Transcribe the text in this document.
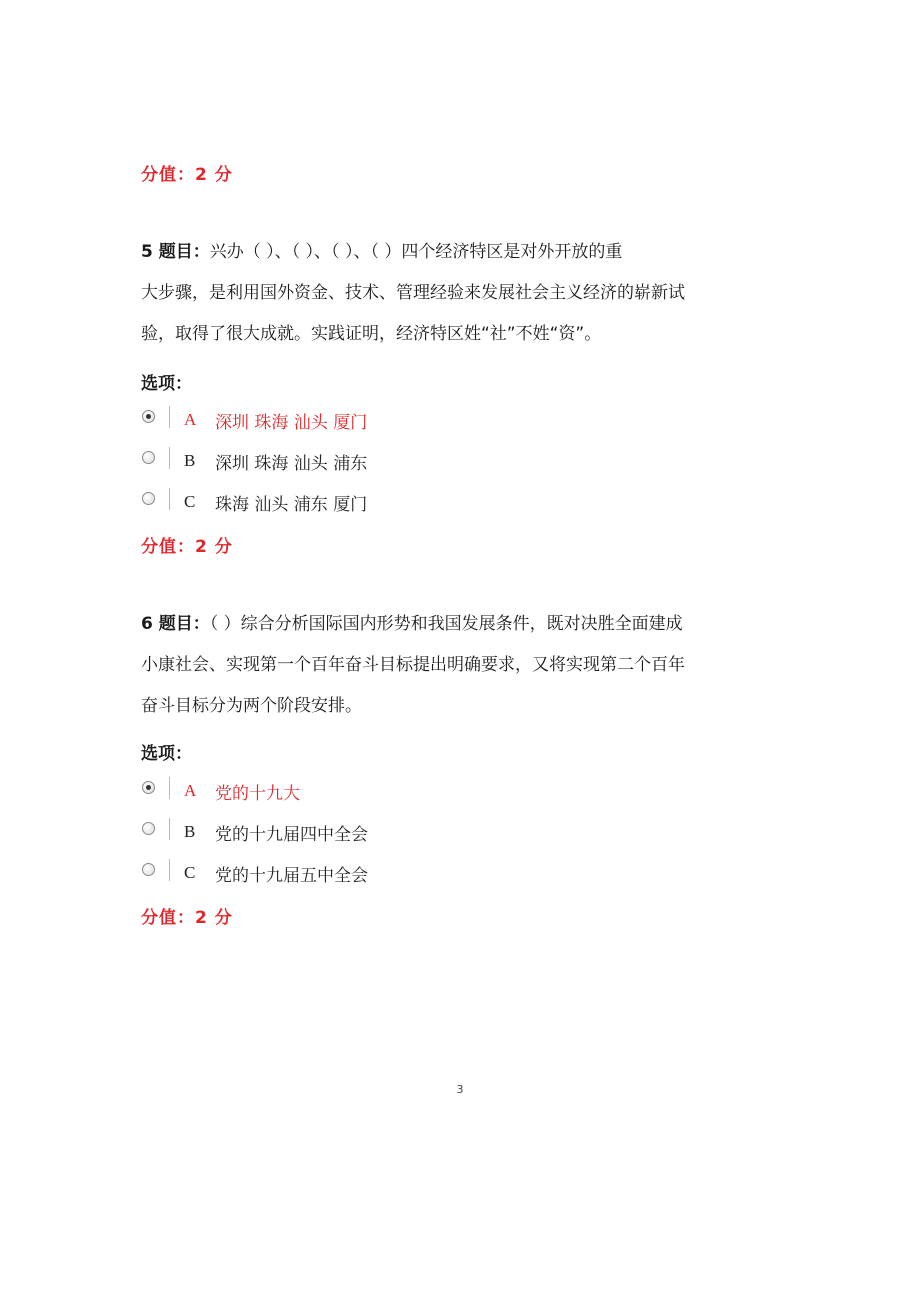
分值：2 分
5 题目：兴办（ ）、（ ）、（ ）、（ ）四个经济特区是对外开放的重
大步骤，是利用国外资金、技术、管理经验来发展社会主义经济的崭新试
验，取得了很大成就。实践证明，经济特区姓“社”不姓“资”。
选项：
A	深圳 珠海 汕头 厦门
B	深圳 珠海 汕头 浦东
C	珠海 汕头 浦东 厦门
分值：2 分
6 题目：（ ）综合分析国际国内形势和我国发展条件，既对决胜全面建成
小康社会、实现第一个百年奋斗目标提出明确要求，又将实现第二个百年
奋斗目标分为两个阶段安排。
选项：
A	党的十九大
B	党的十九届四中全会
C	党的十九届五中全会
分值：2 分
3
